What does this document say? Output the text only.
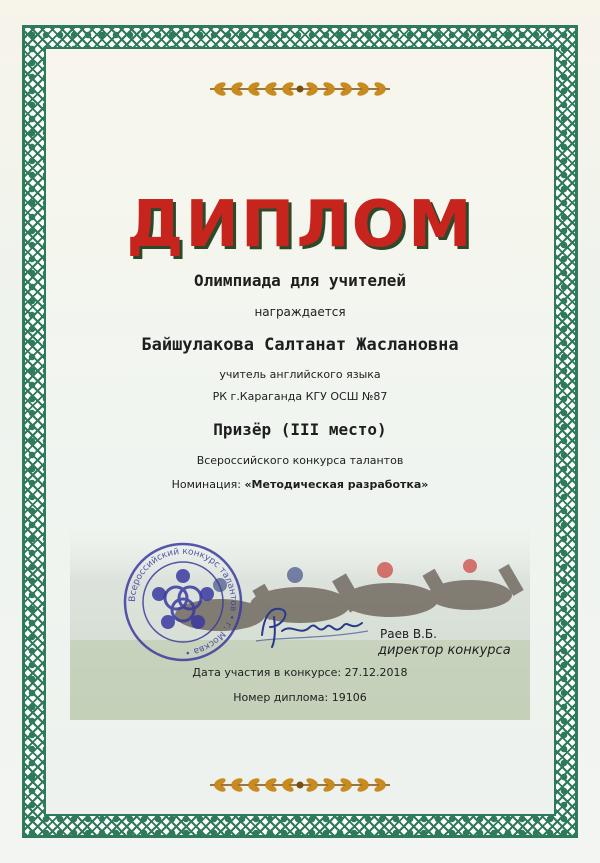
ДИПЛОМ
Олимпиада для учителей
награждается
Байшулакова Салтанат Жаслановна
учитель английского языка
РК г.Караганда КГУ ОСШ №87
Призёр (III место)
Всероссийского конкурса талантов
Номинация: «Методическая разработка»
Всероссийский конкурс талантов • г. Москва •
Раев В.Б.
директор конкурса
Дата участия в конкурсе: 27.12.2018
Номер диплома: 19106
